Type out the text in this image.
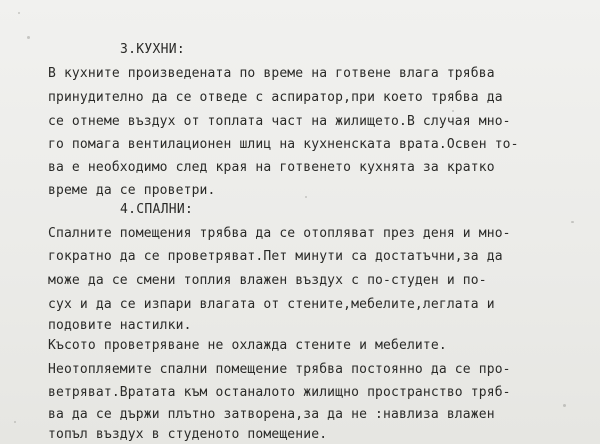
3.КУХНИ:
В кухните произведената по време на готвене влага трябва
принудително да се отведе с аспиратор,при което трябва да
се отнеме въздух от топлата част на жилището.В случая мно-
го помага вентилационен шлиц на кухненската врата.Освен то-
ва е необходимо след края на готвенето кухнята за кратко
време да се проветри.
4.СПАЛНИ:
Спалните помещения трябва да се отопляват през деня и мно-
гократно да се проветряват.Пет минути са достатъчни,за да
може да се смени топлия влажен въздух с по-студен и по-
сух и да се изпари влагата от стените,мебелите,леглата и
подовите настилки.
Късото проветряване не охлажда стените и мебелите.
Неотопляемите спални помещение трябва постоянно да се про-
ветряват.Вратата към останалото жилищно пространство тряб-
ва да се държи плътно затворена,за да не :навлиза влажен
топъл въздух в студеното помещение.
